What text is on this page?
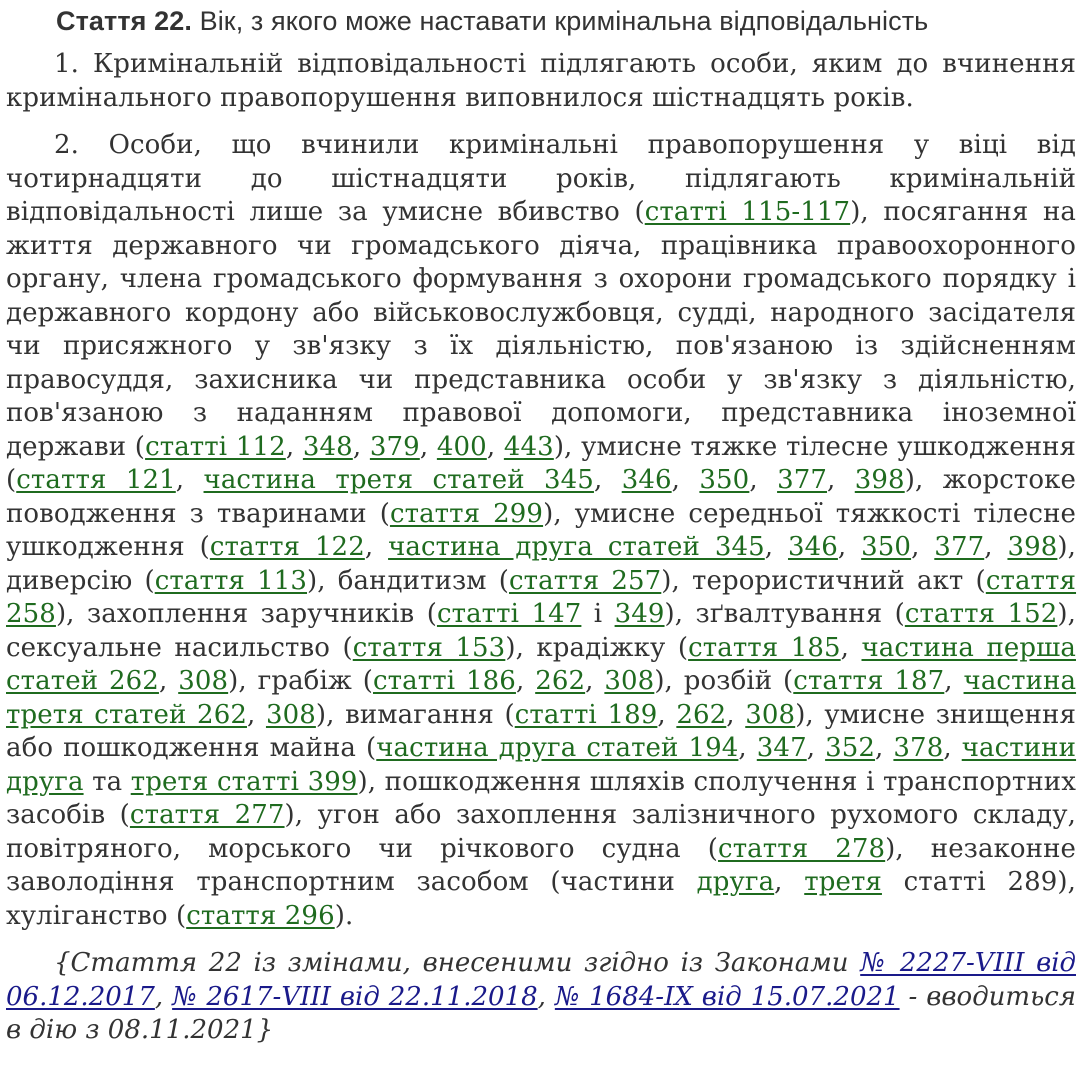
Стаття 22. Вік, з якого може наставати кримінальна відповідальність

1. Кримінальній відповідальності підлягають особи, яким до вчинення кримінального правопорушення виповнилося шістнадцять років.

2. Особи, що вчинили кримінальні правопорушення у віці від чотирнадцяти до шістнадцяти років, підлягають кримінальній відповідальності лише за умисне вбивство (статті 115-117), посягання на життя державного чи громадського діяча, працівника правоохоронного органу, члена громадського формування з охорони громадського порядку і державного кордону або військовослужбовця, судді, народного засідателя чи присяжного у зв'язку з їх діяльністю, пов'язаною із здійсненням правосуддя, захисника чи представника особи у зв'язку з діяльністю, пов'язаною з наданням правової допомоги, представника іноземної держави (статті 112, 348, 379, 400, 443), умисне тяжке тілесне ушкодження (стаття 121, частина третя статей 345, 346, 350, 377, 398), жорстоке поводження з тваринами (стаття 299), умисне середньої тяжкості тілесне ушкодження (стаття 122, частина друга статей 345, 346, 350, 377, 398), диверсію (стаття 113), бандитизм (стаття 257), терористичний акт (стаття 258), захоплення заручників (статті 147 і 349), зґвалтування (стаття 152), сексуальне насильство (стаття 153), крадіжку (стаття 185, частина перша статей 262, 308), грабіж (статті 186, 262, 308), розбій (стаття 187, частина третя статей 262, 308), вимагання (статті 189, 262, 308), умисне знищення або пошкодження майна (частина друга статей 194, 347, 352, 378, частини друга та третя статті 399), пошкодження шляхів сполучення і транспортних засобів (стаття 277), угон або захоплення залізничного рухомого складу, повітряного, морського чи річкового судна (стаття 278), незаконне заволодіння транспортним засобом (частини друга, третя статті 289), хуліганство (стаття 296).

{Стаття 22 із змінами, внесеними згідно із Законами № 2227-VIII від 06.12.2017, № 2617-VIII від 22.11.2018, № 1684-IX від 15.07.2021 - вводиться в дію з 08.11.2021}
